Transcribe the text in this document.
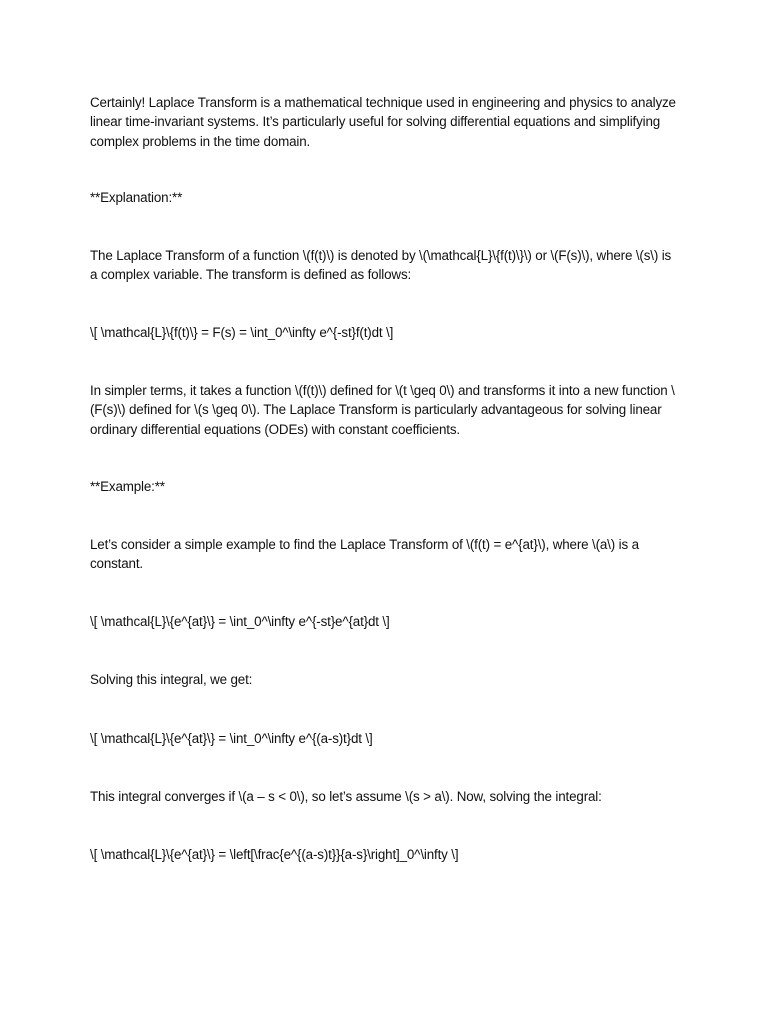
Certainly! Laplace Transform is a mathematical technique used in engineering and physics to analyze
linear time-invariant systems. It’s particularly useful for solving differential equations and simplifying
complex problems in the time domain.

**Explanation:**

The Laplace Transform of a function \(f(t)\) is denoted by \(\mathcal{L}\{f(t)\}\) or \(F(s)\), where \(s\) is
a complex variable. The transform is defined as follows:

\[ \mathcal{L}\{f(t)\} = F(s) = \int_0^\infty e^{-st}f(t)dt \]

In simpler terms, it takes a function \(f(t)\) defined for \(t \geq 0\) and transforms it into a new function \
(F(s)\) defined for \(s \geq 0\). The Laplace Transform is particularly advantageous for solving linear
ordinary differential equations (ODEs) with constant coefficients.

**Example:**

Let’s consider a simple example to find the Laplace Transform of \(f(t) = e^{at}\), where \(a\) is a
constant.

\[ \mathcal{L}\{e^{at}\} = \int_0^\infty e^{-st}e^{at}dt \]

Solving this integral, we get:

\[ \mathcal{L}\{e^{at}\} = \int_0^\infty e^{(a-s)t}dt \]

This integral converges if \(a – s < 0\), so let’s assume \(s > a\). Now, solving the integral:

\[ \mathcal{L}\{e^{at}\} = \left[\frac{e^{(a-s)t}}{a-s}\right]_0^\infty \]
